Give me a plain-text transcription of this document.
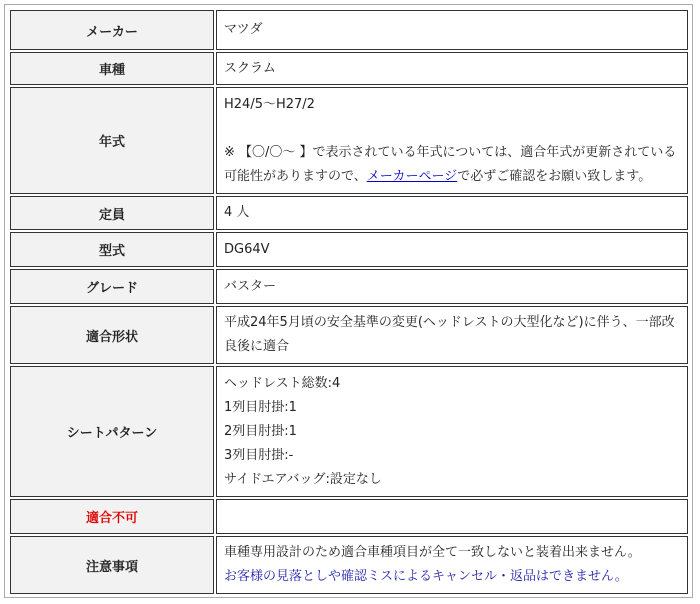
メーカー	マツダ
車種	スクラム
年式	H24/5～H27/2
※ 【〇/〇～ 】で表示されている年式については、適合年式が更新されている
可能性がありますので、メーカーページで必ずご確認をお願い致します。

定員	4 人
型式	DG64V
グレード	バスター
適合形状	平成24年5月頃の安全基準の変更(ヘッドレストの大型化など)に伴う、一部改
良後に適合

シートパターン	ヘッドレスト総数:4
1列目肘掛:1
2列目肘掛:1
3列目肘掛:-
サイドエアバッグ:設定なし

適合不可	
注意事項	車種専用設計のため適合車種項目が全て一致しないと装着出来ません。
お客様の見落としや確認ミスによるキャンセル・返品はできません。
